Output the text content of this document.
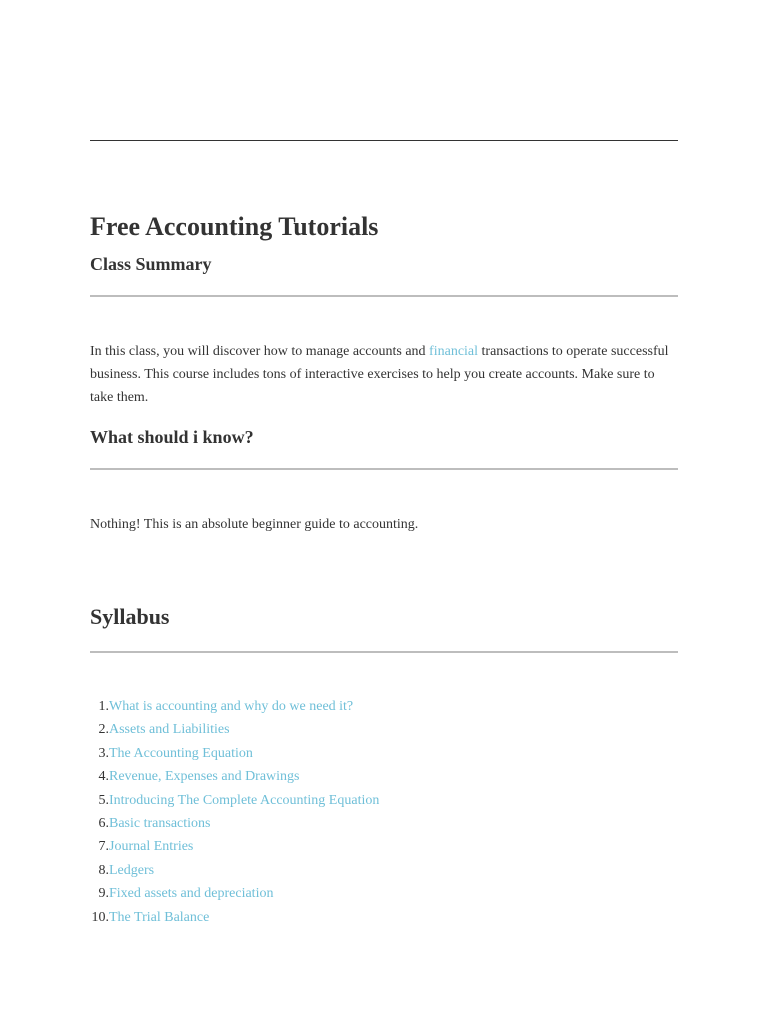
Free Accounting Tutorials
Class Summary

In this class, you will discover how to manage accounts and financial transactions to operate successful business. This course includes tons of interactive exercises to help you create accounts. Make sure to take them.

What should i know?

Nothing! This is an absolute beginner guide to accounting.

Syllabus
1. What is accounting and why do we need it?
2. Assets and Liabilities
3. The Accounting Equation
4. Revenue, Expenses and Drawings
5. Introducing The Complete Accounting Equation
6. Basic transactions
7. Journal Entries
8. Ledgers
9. Fixed assets and depreciation
10. The Trial Balance
